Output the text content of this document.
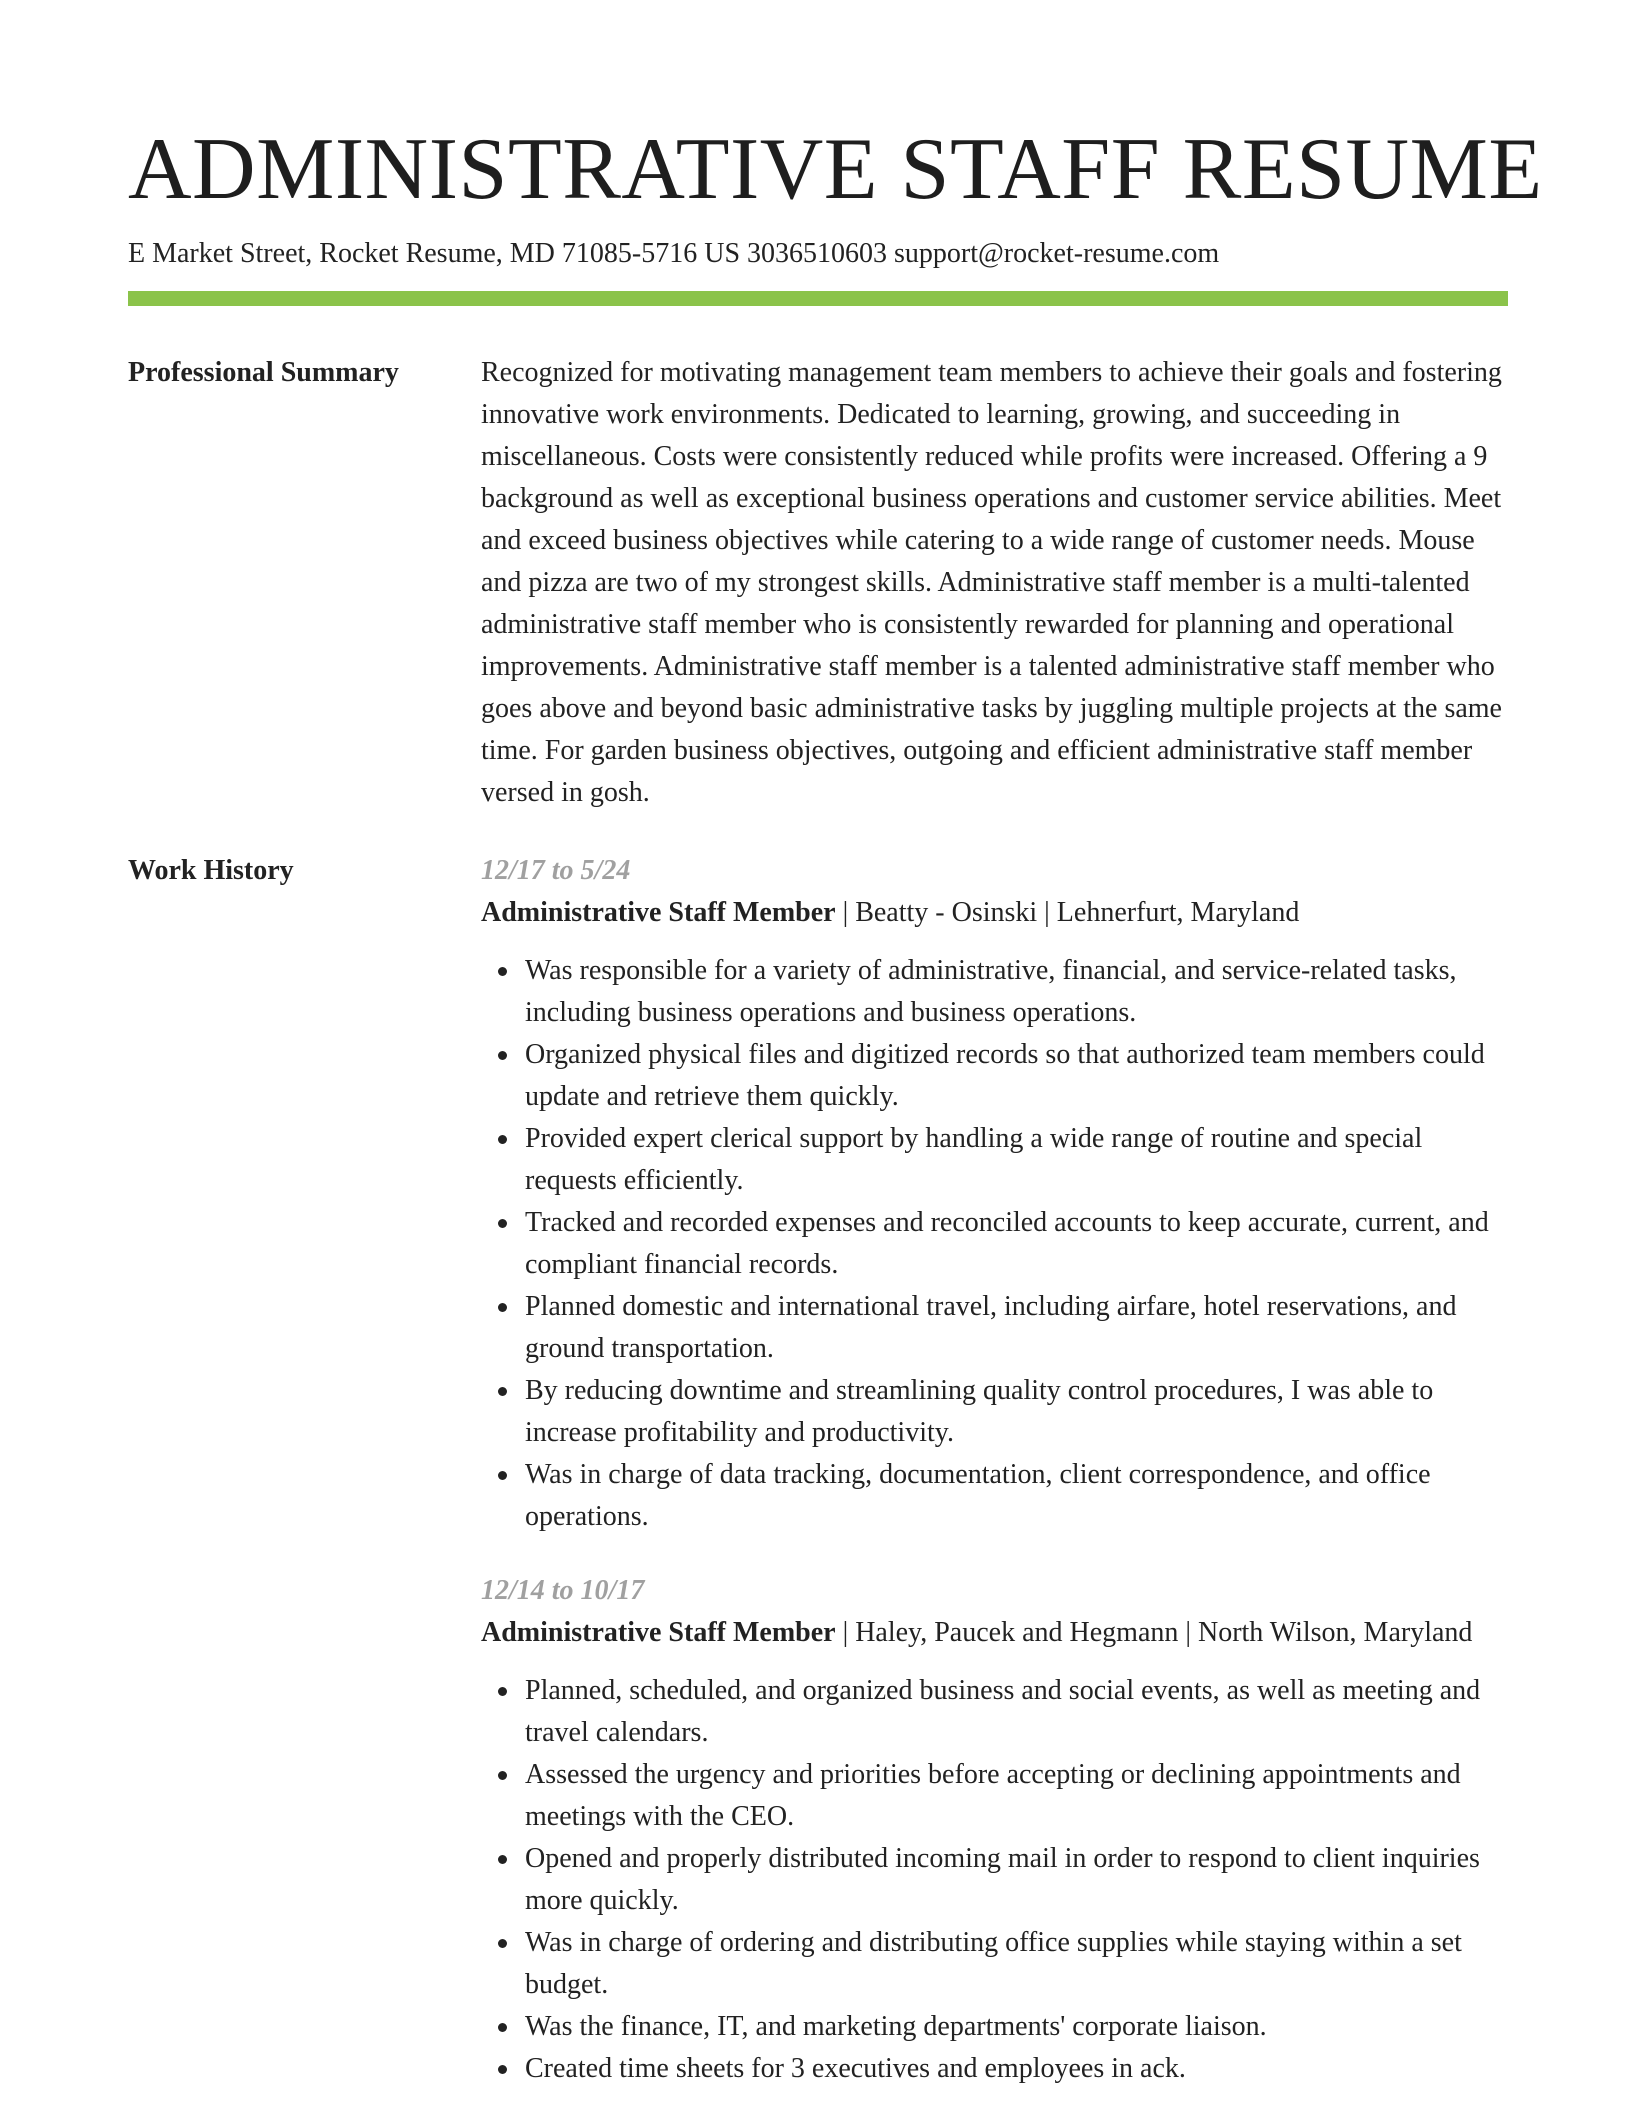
ADMINISTRATIVE STAFF RESUME
E Market Street, Rocket Resume, MD 71085-5716 US 3036510603 support@rocket-resume.com
Professional Summary	Recognized for motivating management team members to achieve their goals and fostering innovative work environments. Dedicated to learning, growing, and succeeding in miscellaneous. Costs were consistently reduced while profits were increased. Offering a 9 background as well as exceptional business operations and customer service abilities. Meet and exceed business objectives while catering to a wide range of customer needs. Mouse and pizza are two of my strongest skills. Administrative staff member is a multi-talented administrative staff member who is consistently rewarded for planning and operational improvements. Administrative staff member is a talented administrative staff member who goes above and beyond basic administrative tasks by juggling multiple projects at the same time. For garden business objectives, outgoing and efficient administrative staff member versed in gosh.

Work History	12/17 to 5/24
Administrative Staff Member | Beatty - Osinski | Lehnerfurt, Maryland
Was responsible for a variety of administrative, financial, and service-related tasks, including business operations and business operations.
Organized physical files and digitized records so that authorized team members could update and retrieve them quickly.
Provided expert clerical support by handling a wide range of routine and special requests efficiently.
Tracked and recorded expenses and reconciled accounts to keep accurate, current, and compliant financial records.
Planned domestic and international travel, including airfare, hotel reservations, and ground transportation.
By reducing downtime and streamlining quality control procedures, I was able to increase profitability and productivity.
Was in charge of data tracking, documentation, client correspondence, and office operations.
12/14 to 10/17
Administrative Staff Member | Haley, Paucek and Hegmann | North Wilson, Maryland
Planned, scheduled, and organized business and social events, as well as meeting and travel calendars.
Assessed the urgency and priorities before accepting or declining appointments and meetings with the CEO.
Opened and properly distributed incoming mail in order to respond to client inquiries more quickly.
Was in charge of ordering and distributing office supplies while staying within a set budget.
Was the finance, IT, and marketing departments' corporate liaison.
Created time sheets for 3 executives and employees in ack.
